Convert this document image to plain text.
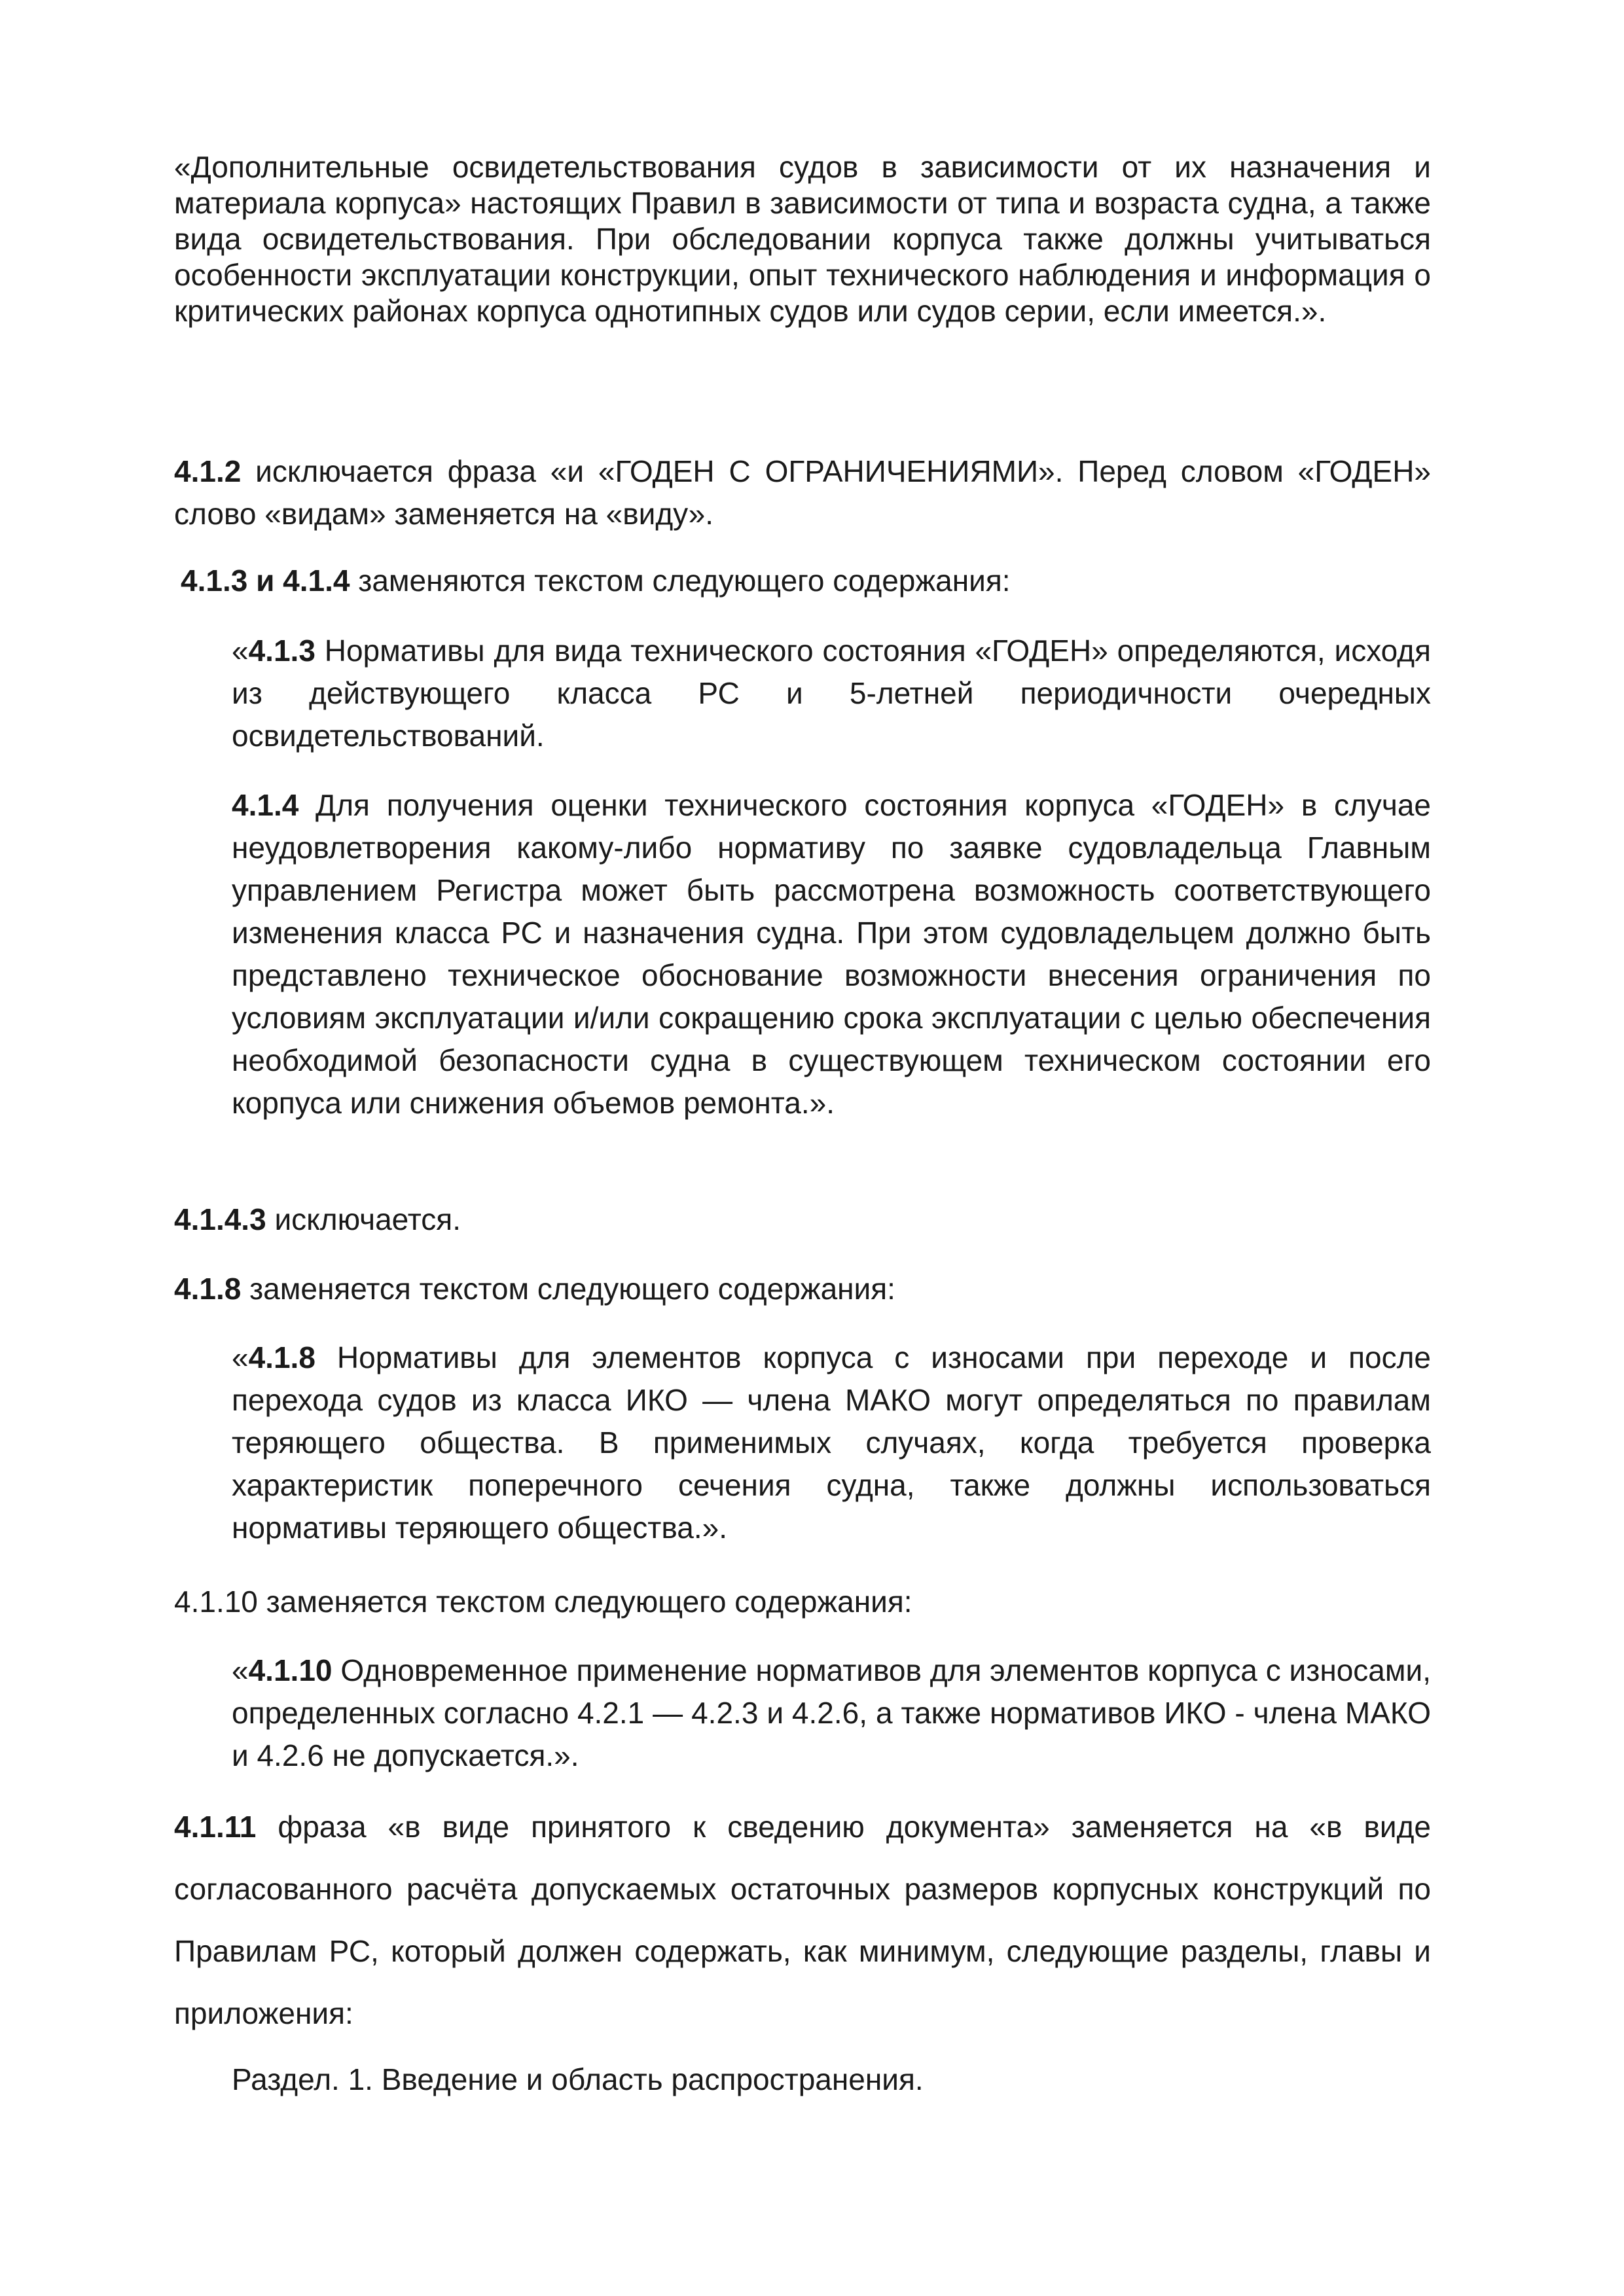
«Дополнительные освидетельствования судов в зависимости от их назначения и материала корпуса» настоящих Правил в зависимости от типа и возраста судна, а также вида освидетельствования. При обследовании корпуса также должны учитываться особенности эксплуатации конструкции, опыт технического наблюдения и информация о критических районах корпуса однотипных судов или судов серии, если имеется.».

4.1.2 исключается фраза «и «ГОДЕН С ОГРАНИЧЕНИЯМИ». Перед словом «ГОДЕН» слово «видам» заменяется на «виду».

4.1.3 и 4.1.4 заменяются текстом следующего содержания:

«4.1.3 Нормативы для вида технического состояния «ГОДЕН» определяются, исходя из действующего класса РС и 5-летней периодичности очередных освидетельствований.

4.1.4 Для получения оценки технического состояния корпуса «ГОДЕН» в случае неудовлетворения какому-либо нормативу по заявке судовладельца Главным управлением Регистра может быть рассмотрена возможность соответствующего изменения класса РС и назначения судна. При этом судовладельцем должно быть представлено техническое обоснование возможности внесения ограничения по условиям эксплуатации и/или сокращению срока эксплуатации с целью обеспечения необходимой безопасности судна в существующем техническом состоянии его корпуса или снижения объемов ремонта.».

4.1.4.3 исключается.

4.1.8 заменяется текстом следующего содержания:

«4.1.8 Нормативы для элементов корпуса с износами при переходе и после перехода судов из класса ИКО — члена МАКО могут определяться по правилам теряющего общества. В применимых случаях, когда требуется проверка характеристик поперечного сечения судна, также должны использоваться нормативы теряющего общества.».

4.1.10 заменяется текстом следующего содержания:

«4.1.10 Одновременное применение нормативов для элементов корпуса с износами, определенных согласно 4.2.1 — 4.2.3 и 4.2.6, а также нормативов ИКО - члена МАКО и 4.2.6 не допускается.».

4.1.11 фраза «в виде принятого к сведению документа» заменяется на «в виде согласованного расчёта допускаемых остаточных размеров корпусных конструкций по Правилам РС, который должен содержать, как минимум, следующие разделы, главы и приложения:

Раздел. 1. Введение и область распространения.
